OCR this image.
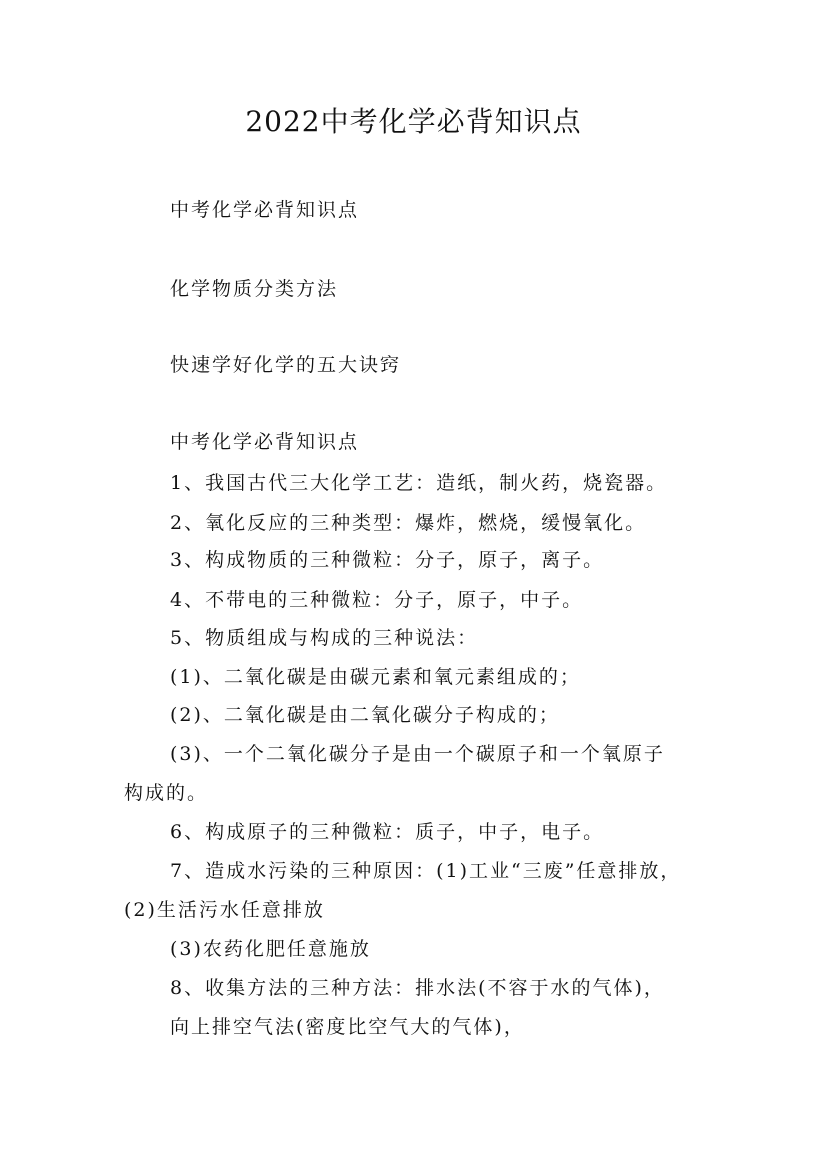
2022中考化学必背知识点
中考化学必背知识点
化学物质分类方法
快速学好化学的五大诀窍
中考化学必背知识点
1、我国古代三大化学工艺：造纸，制火药，烧瓷器。
2、氧化反应的三种类型：爆炸，燃烧，缓慢氧化。
3、构成物质的三种微粒：分子，原子，离子。
4、不带电的三种微粒：分子，原子，中子。
5、物质组成与构成的三种说法：
(1)、二氧化碳是由碳元素和氧元素组成的；
(2)、二氧化碳是由二氧化碳分子构成的；
(3)、一个二氧化碳分子是由一个碳原子和一个氧原子
构成的。
6、构成原子的三种微粒：质子，中子，电子。
7、造成水污染的三种原因：(1)工业“三废”任意排放，
(2)生活污水任意排放
(3)农药化肥任意施放
8、收集方法的三种方法：排水法(不容于水的气体)，
向上排空气法(密度比空气大的气体)，
